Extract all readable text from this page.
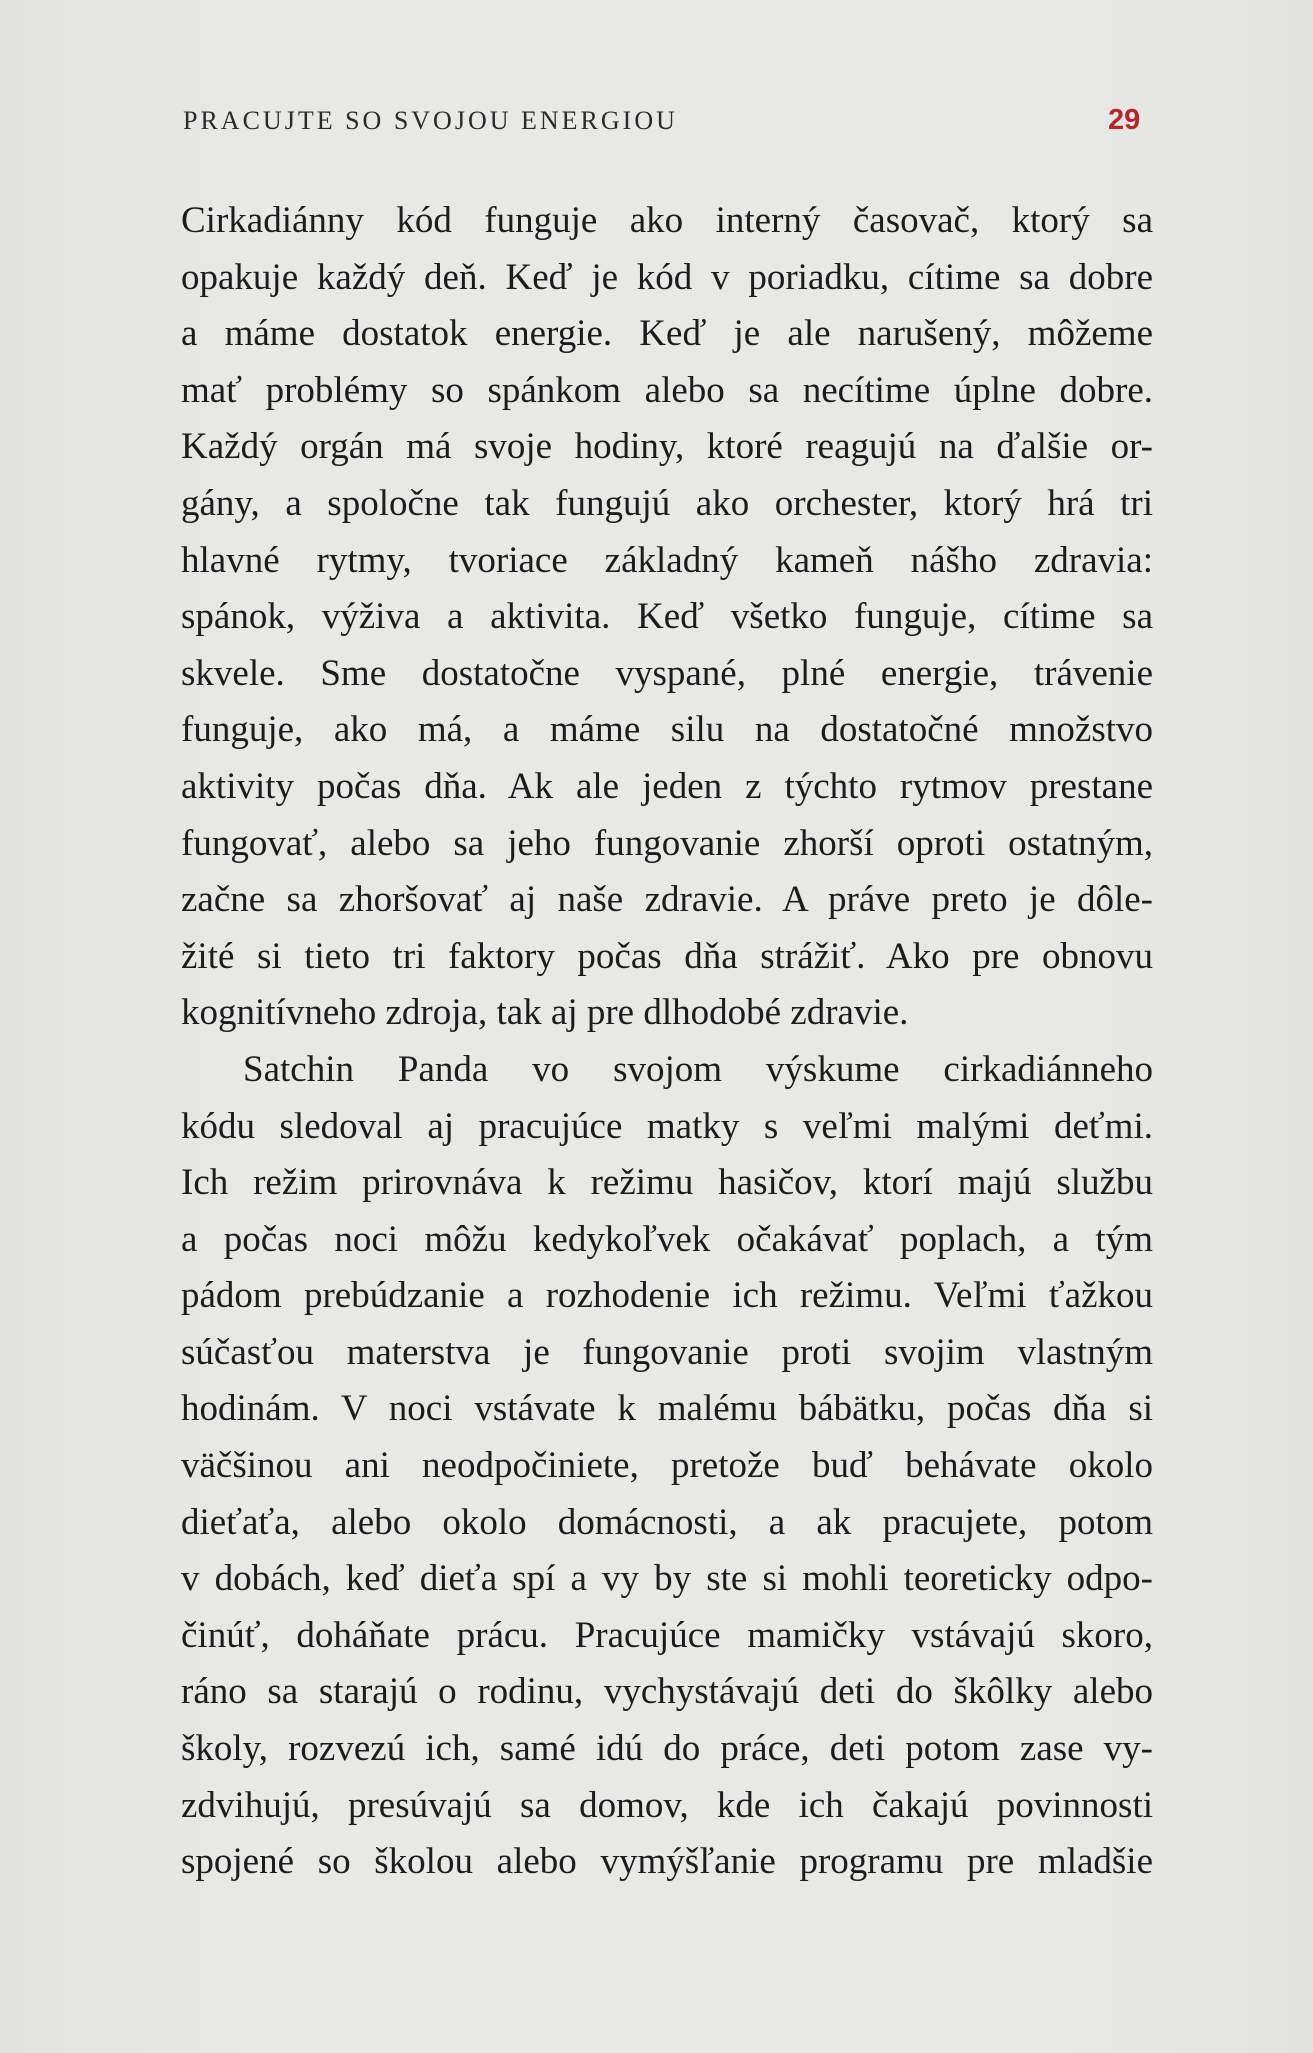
PRACUJTE SO SVOJOU ENERGIOU	29
Cirkadiánny kód funguje ako interný časovač, ktorý sa
opakuje každý deň. Keď je kód v poriadku, cítime sa dobre
a máme dostatok energie. Keď je ale narušený, môžeme
mať problémy so spánkom alebo sa necítime úplne dobre.
Každý orgán má svoje hodiny, ktoré reagujú na ďalšie or-
gány, a spoločne tak fungujú ako orchester, ktorý hrá tri
hlavné rytmy, tvoriace základný kameň nášho zdravia:
spánok, výživa a aktivita. Keď všetko funguje, cítime sa
skvele. Sme dostatočne vyspané, plné energie, trávenie
funguje, ako má, a máme silu na dostatočné množstvo
aktivity počas dňa. Ak ale jeden z týchto rytmov prestane
fungovať, alebo sa jeho fungovanie zhorší oproti ostatným,
začne sa zhoršovať aj naše zdravie. A práve preto je dôle-
žité si tieto tri faktory počas dňa strážiť. Ako pre obnovu
kognitívneho zdroja, tak aj pre dlhodobé zdravie.
Satchin Panda vo svojom výskume cirkadiánneho
kódu sledoval aj pracujúce matky s veľmi malými deťmi.
Ich režim prirovnáva k režimu hasičov, ktorí majú službu
a počas noci môžu kedykoľvek očakávať poplach, a tým
pádom prebúdzanie a rozhodenie ich režimu. Veľmi ťažkou
súčasťou materstva je fungovanie proti svojim vlastným
hodinám. V noci vstávate k malému bábätku, počas dňa si
väčšinou ani neodpočiniete, pretože buď behávate okolo
dieťaťa, alebo okolo domácnosti, a ak pracujete, potom
v dobách, keď dieťa spí a vy by ste si mohli teoreticky odpo-
činúť, doháňate prácu. Pracujúce mamičky vstávajú skoro,
ráno sa starajú o rodinu, vychystávajú deti do škôlky alebo
školy, rozvezú ich, samé idú do práce, deti potom zase vy-
zdvihujú, presúvajú sa domov, kde ich čakajú povinnosti
spojené so školou alebo vymýšľanie programu pre mladšie
